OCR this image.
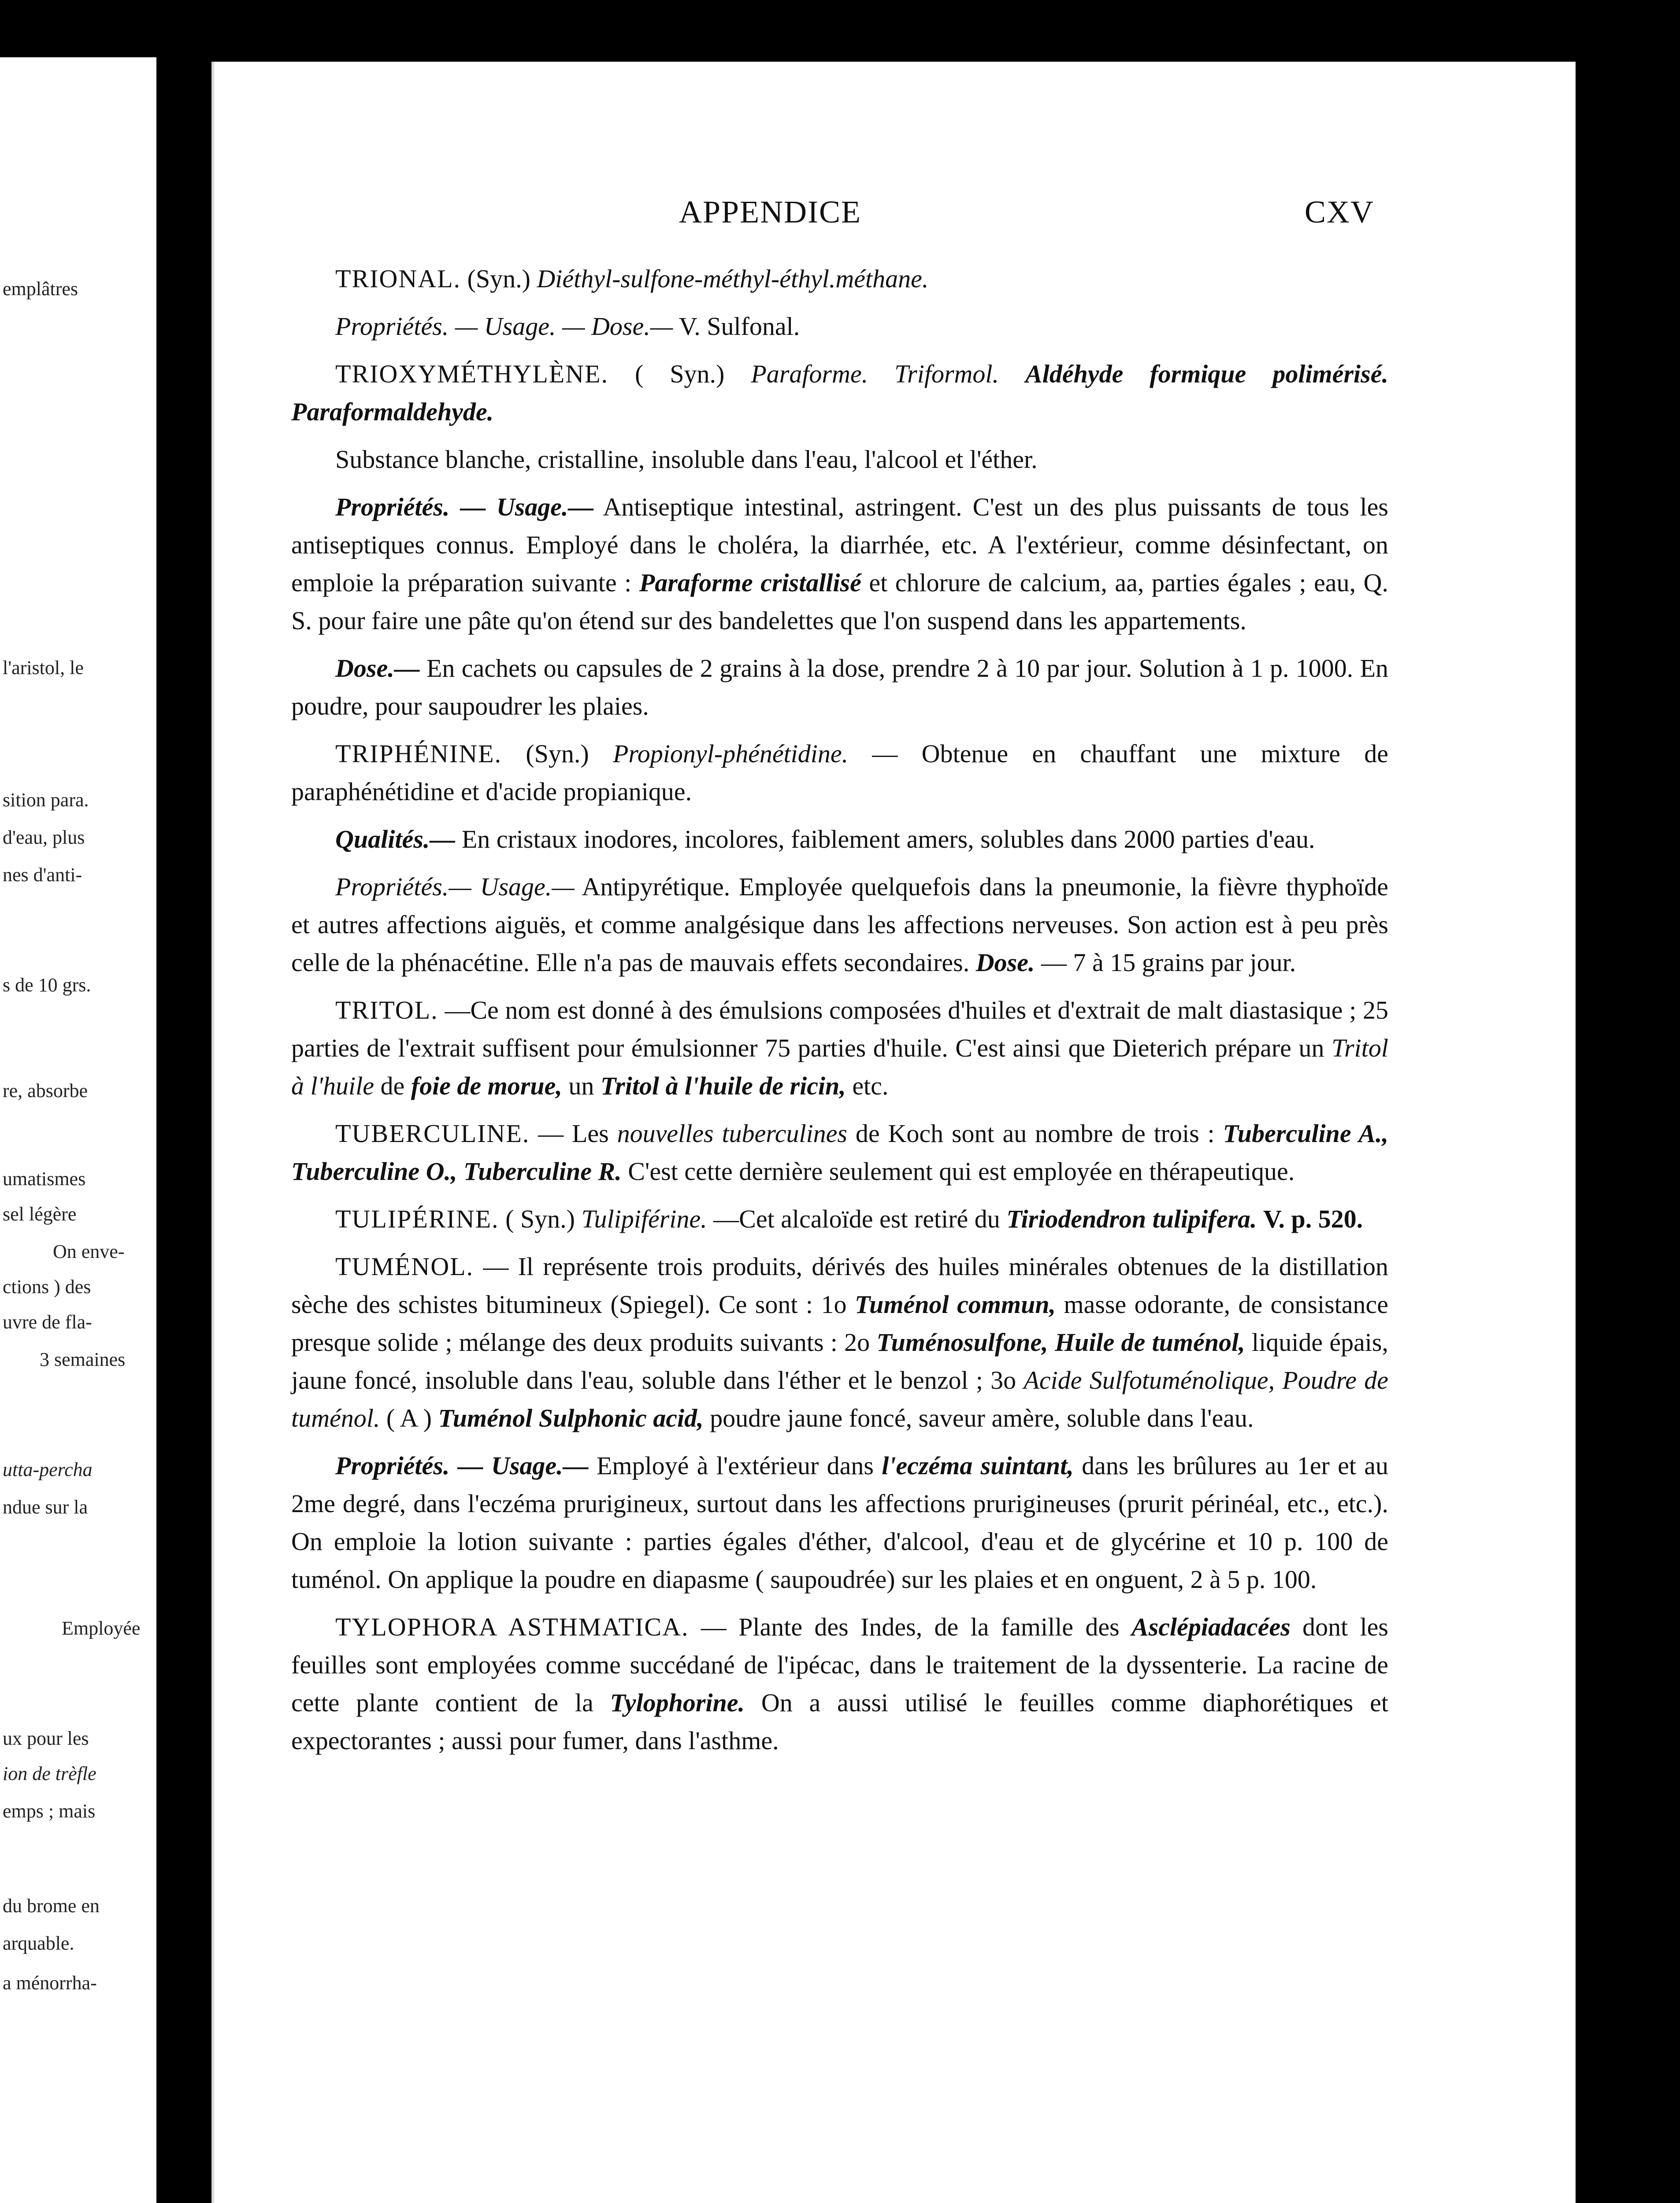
emplâtres
l'aristol, le
sition para.
d'eau, plus
nes d'anti-
s de 10 grs.
re, absorbe
umatismes
sel légère
On enve-
ctions ) des
uvre de fla-
3 semaines
utta-percha
ndue sur la
Employée
ux pour les
ion de trèfle
emps ; mais
du brome en
arquable.
a ménorrha-
APPENDICE	CXV

TRIONAL. (Syn.) Diéthyl-sulfone-méthyl-éthyl.méthane.

Propriétés. — Usage. — Dose.— V. Sulfonal.

TRIOXYMÉTHYLÈNE. ( Syn.) Paraforme. Triformol. Aldéhyde formique polimérisé. Paraformaldehyde.

Substance blanche, cristalline, insoluble dans l'eau, l'alcool et l'éther.

Propriétés. — Usage.— Antiseptique intestinal, astringent. C'est un des plus puissants de tous les antiseptiques connus. Employé dans le choléra, la diarrhée, etc. A l'extérieur, comme désinfectant, on emploie la préparation suivante : Paraforme cristallisé et chlorure de calcium, aa, parties égales ; eau, Q. S. pour faire une pâte qu'on étend sur des bandelettes que l'on suspend dans les appartements.

Dose.— En cachets ou capsules de 2 grains à la dose, prendre 2 à 10 par jour. Solution à 1 p. 1000. En poudre, pour saupoudrer les plaies.

TRIPHÉNINE. (Syn.) Propionyl-phénétidine. — Obtenue en chauffant une mixture de paraphénétidine et d'acide propianique.

Qualités.— En cristaux inodores, incolores, faiblement amers, solubles dans 2000 parties d'eau.

Propriétés.— Usage.— Antipyrétique. Employée quelquefois dans la pneumonie, la fièvre thyphoïde et autres affections aiguës, et comme analgésique dans les affections nerveuses. Son action est à peu près celle de la phénacétine. Elle n'a pas de mauvais effets secondaires. Dose. — 7 à 15 grains par jour.

TRITOL. —Ce nom est donné à des émulsions composées d'huiles et d'extrait de malt diastasique ; 25 parties de l'extrait suffisent pour émulsionner 75 parties d'huile. C'est ainsi que Dieterich prépare un Tritol à l'huile de foie de morue, un Tritol à l'huile de ricin, etc.

TUBERCULINE. — Les nouvelles tuberculines de Koch sont au nombre de trois : Tuberculine A., Tuberculine O., Tuberculine R. C'est cette dernière seulement qui est employée en thérapeutique.

TULIPÉRINE. ( Syn.) Tulipiférine. —Cet alcaloïde est retiré du Tiriodendron tulipifera. V. p. 520.

TUMÉNOL. — Il représente trois produits, dérivés des huiles minérales obtenues de la distillation sèche des schistes bitumineux (Spiegel). Ce sont : 1o Tuménol commun, masse odorante, de consistance presque solide ; mélange des deux produits suivants : 2o Tuménosulfone, Huile de tuménol, liquide épais, jaune foncé, insoluble dans l'eau, soluble dans l'éther et le benzol ; 3o Acide Sulfotuménolique, Poudre de tuménol. ( A ) Tuménol Sulphonic acid, poudre jaune foncé, saveur amère, soluble dans l'eau.

Propriétés. — Usage.— Employé à l'extérieur dans l'eczéma suintant, dans les brûlures au 1er et au 2me degré, dans l'eczéma prurigineux, surtout dans les affections prurigineuses (prurit périnéal, etc., etc.). On emploie la lotion suivante : parties égales d'éther, d'alcool, d'eau et de glycérine et 10 p. 100 de tuménol. On applique la poudre en diapasme ( saupoudrée) sur les plaies et en onguent, 2 à 5 p. 100.

TYLOPHORA ASTHMATICA. — Plante des Indes, de la famille des Asclépiadacées dont les feuilles sont employées comme succédané de l'ipécac, dans le traitement de la dyssenterie. La racine de cette plante contient de la Tylophorine. On a aussi utilisé le feuilles comme diaphorétiques et expectorantes ; aussi pour fumer, dans l'asthme.
